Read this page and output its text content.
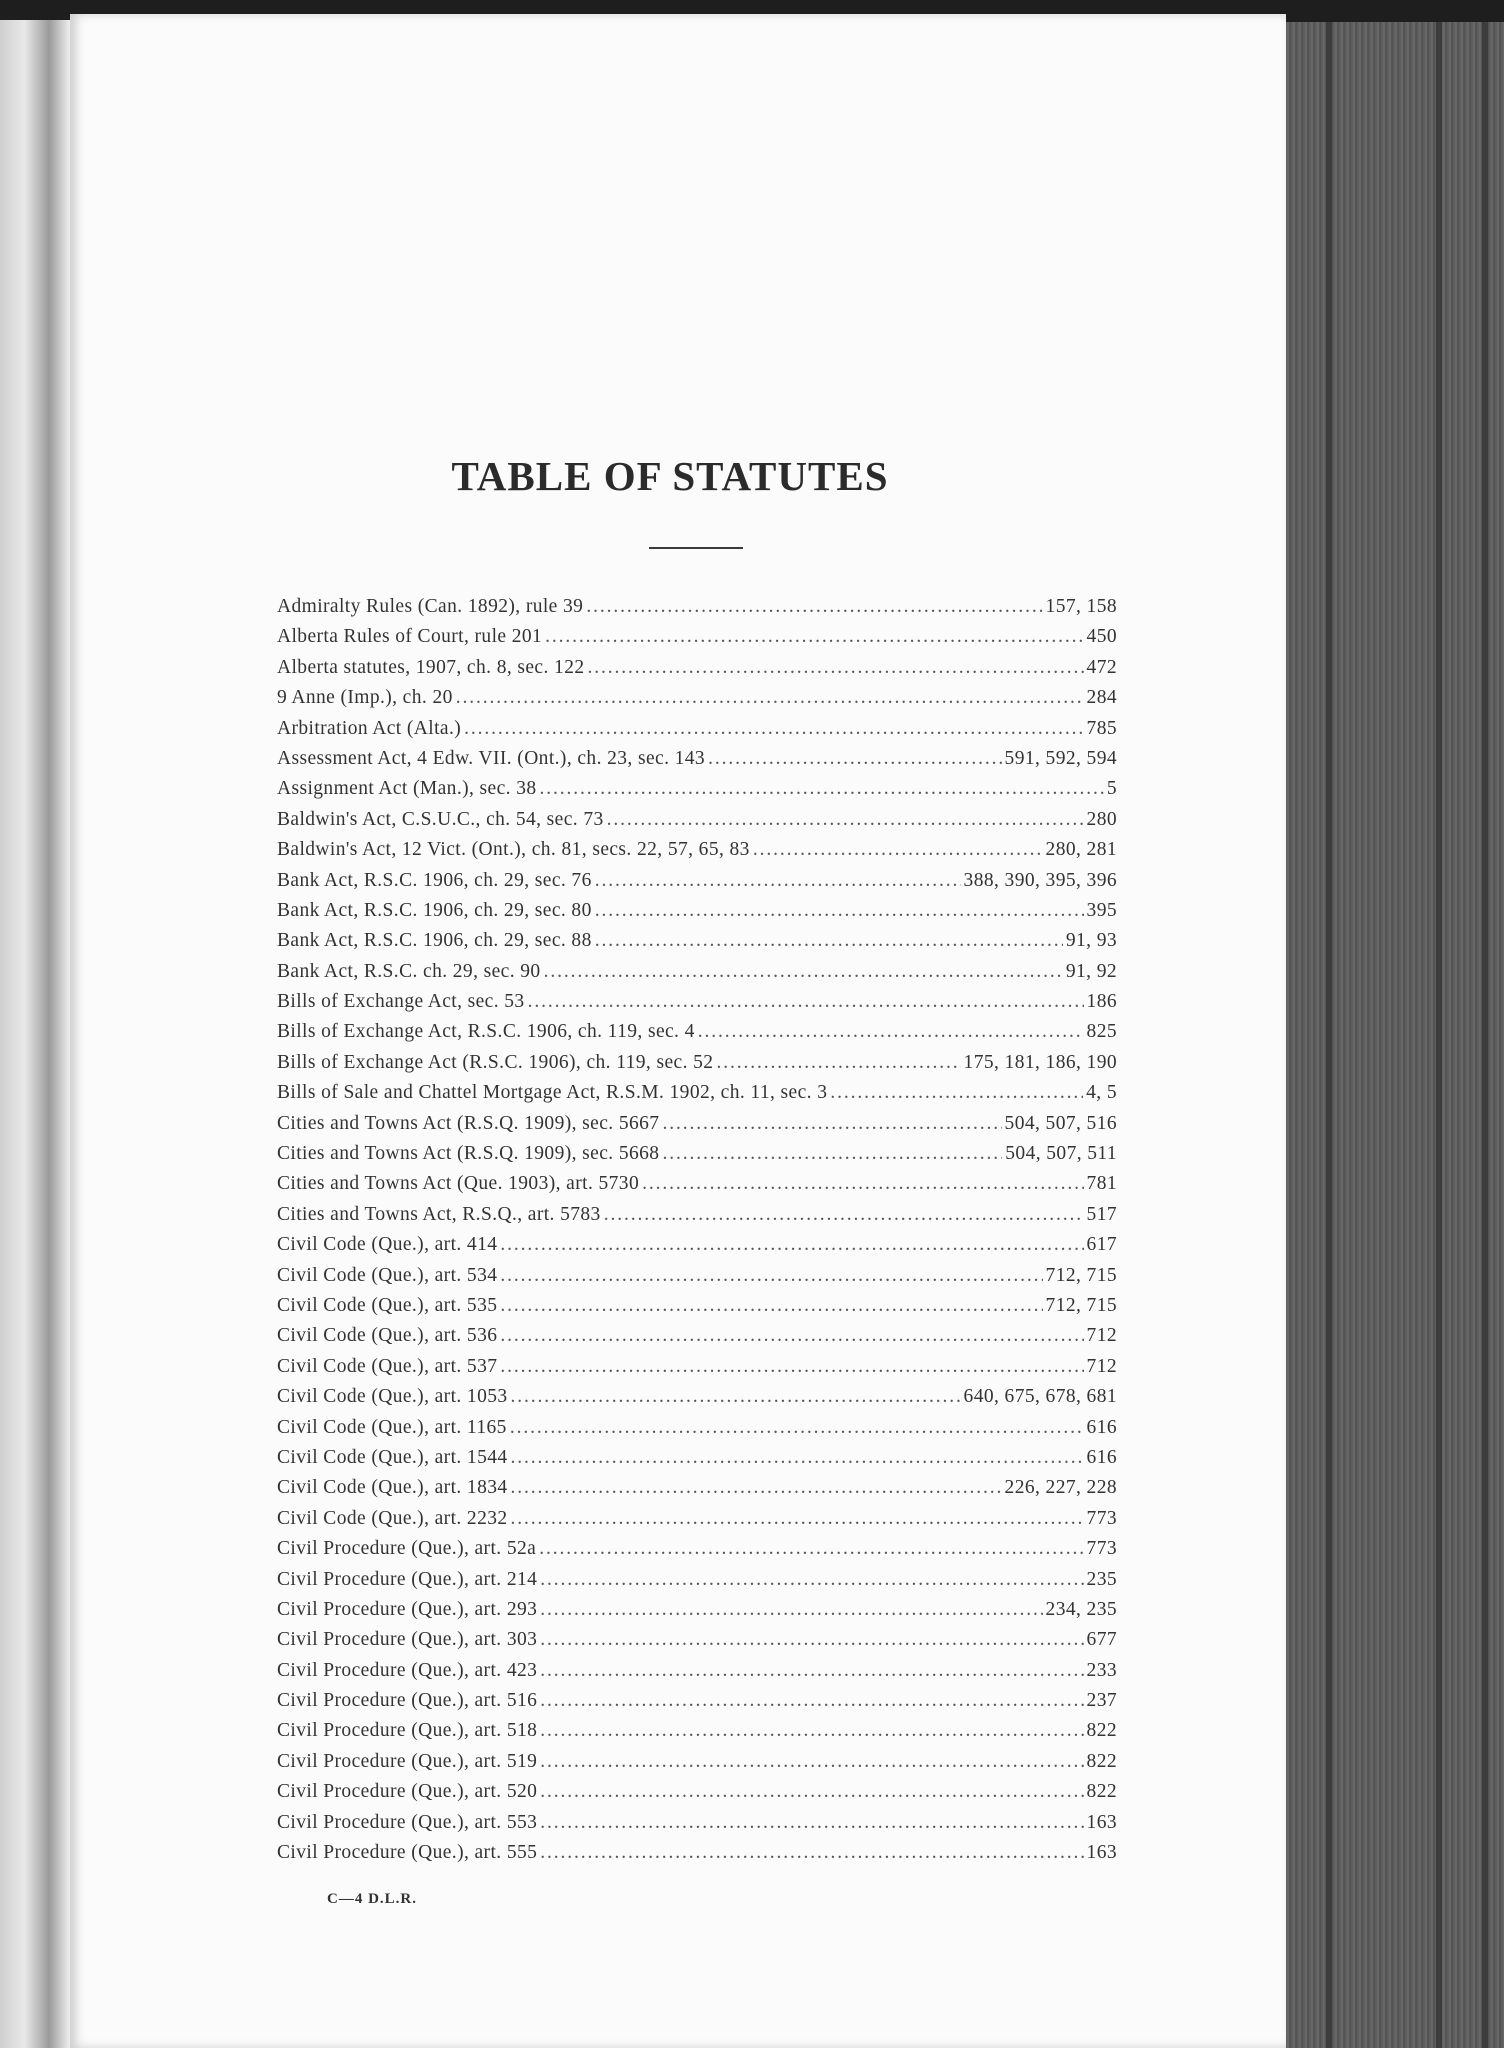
TABLE OF STATUTES
Admiralty Rules (Can. 1892), rule 39 . . .	157, 158
Alberta Rules of Court, rule 201 . . .	450
Alberta statutes, 1907, ch. 8, sec. 122 . . .	472
9 Anne (Imp.), ch. 20 . . .	284
Arbitration Act (Alta.) . . .	785
Assessment Act, 4 Edw. VII. (Ont.), ch. 23, sec. 143 . . .	591, 592, 594
Assignment Act (Man.), sec. 38 . . .	5
Baldwin's Act, C.S.U.C., ch. 54, sec. 73 . . .	280
Baldwin's Act, 12 Vict. (Ont.), ch. 81, secs. 22, 57, 65, 83 . . .	280, 281
Bank Act, R.S.C. 1906, ch. 29, sec. 76 . . .	388, 390, 395, 396
Bank Act, R.S.C. 1906, ch. 29, sec. 80 . . .	395
Bank Act, R.S.C. 1906, ch. 29, sec. 88 . . .	91, 93
Bank Act, R.S.C. ch. 29, sec. 90 . . .	91, 92
Bills of Exchange Act, sec. 53 . . .	186
Bills of Exchange Act, R.S.C. 1906, ch. 119, sec. 4 . . .	825
Bills of Exchange Act (R.S.C. 1906), ch. 119, sec. 52 . . .	175, 181, 186, 190
Bills of Sale and Chattel Mortgage Act, R.S.M. 1902, ch. 11, sec. 3 . . .	4, 5
Cities and Towns Act (R.S.Q. 1909), sec. 5667 . . .	504, 507, 516
Cities and Towns Act (R.S.Q. 1909), sec. 5668 . . .	504, 507, 511
Cities and Towns Act (Que. 1903), art. 5730 . . .	781
Cities and Towns Act, R.S.Q., art. 5783 . . .	517
Civil Code (Que.), art. 414 . . .	617
Civil Code (Que.), art. 534 . . .	712, 715
Civil Code (Que.), art. 535 . . .	712, 715
Civil Code (Que.), art. 536 . . .	712
Civil Code (Que.), art. 537 . . .	712
Civil Code (Que.), art. 1053 . . .	640, 675, 678, 681
Civil Code (Que.), art. 1165 . . .	616
Civil Code (Que.), art. 1544 . . .	616
Civil Code (Que.), art. 1834 . . .	226, 227, 228
Civil Code (Que.), art. 2232 . . .	773
Civil Procedure (Que.), art. 52a . . .	773
Civil Procedure (Que.), art. 214 . . .	235
Civil Procedure (Que.), art. 293 . . .	234, 235
Civil Procedure (Que.), art. 303 . . .	677
Civil Procedure (Que.), art. 423 . . .	233
Civil Procedure (Que.), art. 516 . . .	237
Civil Procedure (Que.), art. 518 . . .	822
Civil Procedure (Que.), art. 519 . . .	822
Civil Procedure (Que.), art. 520 . . .	822
Civil Procedure (Que.), art. 553 . . .	163
Civil Procedure (Que.), art. 555 . . .	163
C—4 D.L.R.
